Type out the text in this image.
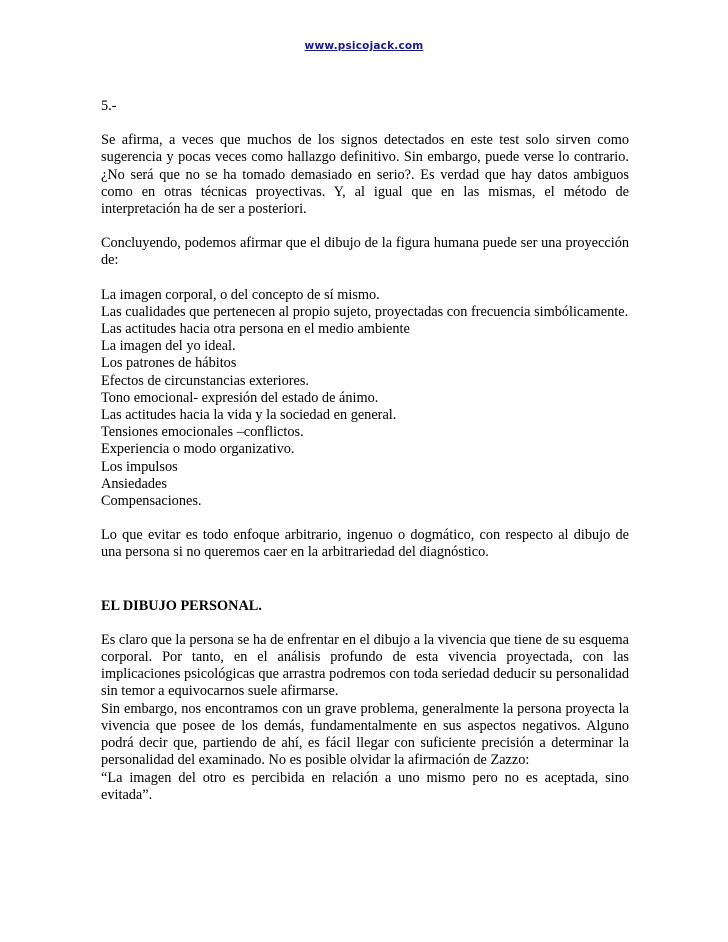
www.psicojack.com

5.-

Se afirma, a veces que muchos de los signos detectados en este test solo sirven como sugerencia y pocas veces como hallazgo definitivo. Sin embargo, puede verse lo contrario. ¿No será que no se ha tomado demasiado en serio?. Es verdad que hay datos ambiguos como en otras técnicas proyectivas. Y, al igual que en las mismas, el método de interpretación ha de ser a posteriori.

Concluyendo, podemos afirmar que el dibujo de la figura humana puede ser una proyección de:

La imagen corporal, o del concepto de sí mismo.
Las cualidades que pertenecen al propio sujeto, proyectadas con frecuencia simbólicamente.
Las actitudes hacia otra persona en el medio ambiente
La imagen del yo ideal.
Los patrones de hábitos
Efectos de circunstancias exteriores.
Tono emocional- expresión del estado de ánimo.
Las actitudes hacia la vida y la sociedad en general.
Tensiones emocionales –conflictos.
Experiencia o modo organizativo.
Los impulsos
Ansiedades
Compensaciones.

Lo que evitar es todo enfoque arbitrario, ingenuo o dogmático, con respecto al dibujo de una persona si no queremos caer en la arbitrariedad del diagnóstico.

EL DIBUJO PERSONAL.

Es claro que la persona se ha de enfrentar en el dibujo a la vivencia que tiene de su esquema corporal. Por tanto, en el análisis profundo de esta vivencia proyectada, con las implicaciones psicológicas que arrastra podremos con toda seriedad deducir su personalidad sin temor a equivocarnos suele afirmarse.

Sin embargo, nos encontramos con un grave problema, generalmente la persona proyecta la vivencia que posee de los demás, fundamentalmente en sus aspectos negativos. Alguno podrá decir que, partiendo de ahí, es fácil llegar con suficiente precisión a determinar la personalidad del examinado. No es posible olvidar la afirmación de Zazzo:

“La imagen del otro es percibida en relación a uno mismo pero no es aceptada, sino evitada”.
